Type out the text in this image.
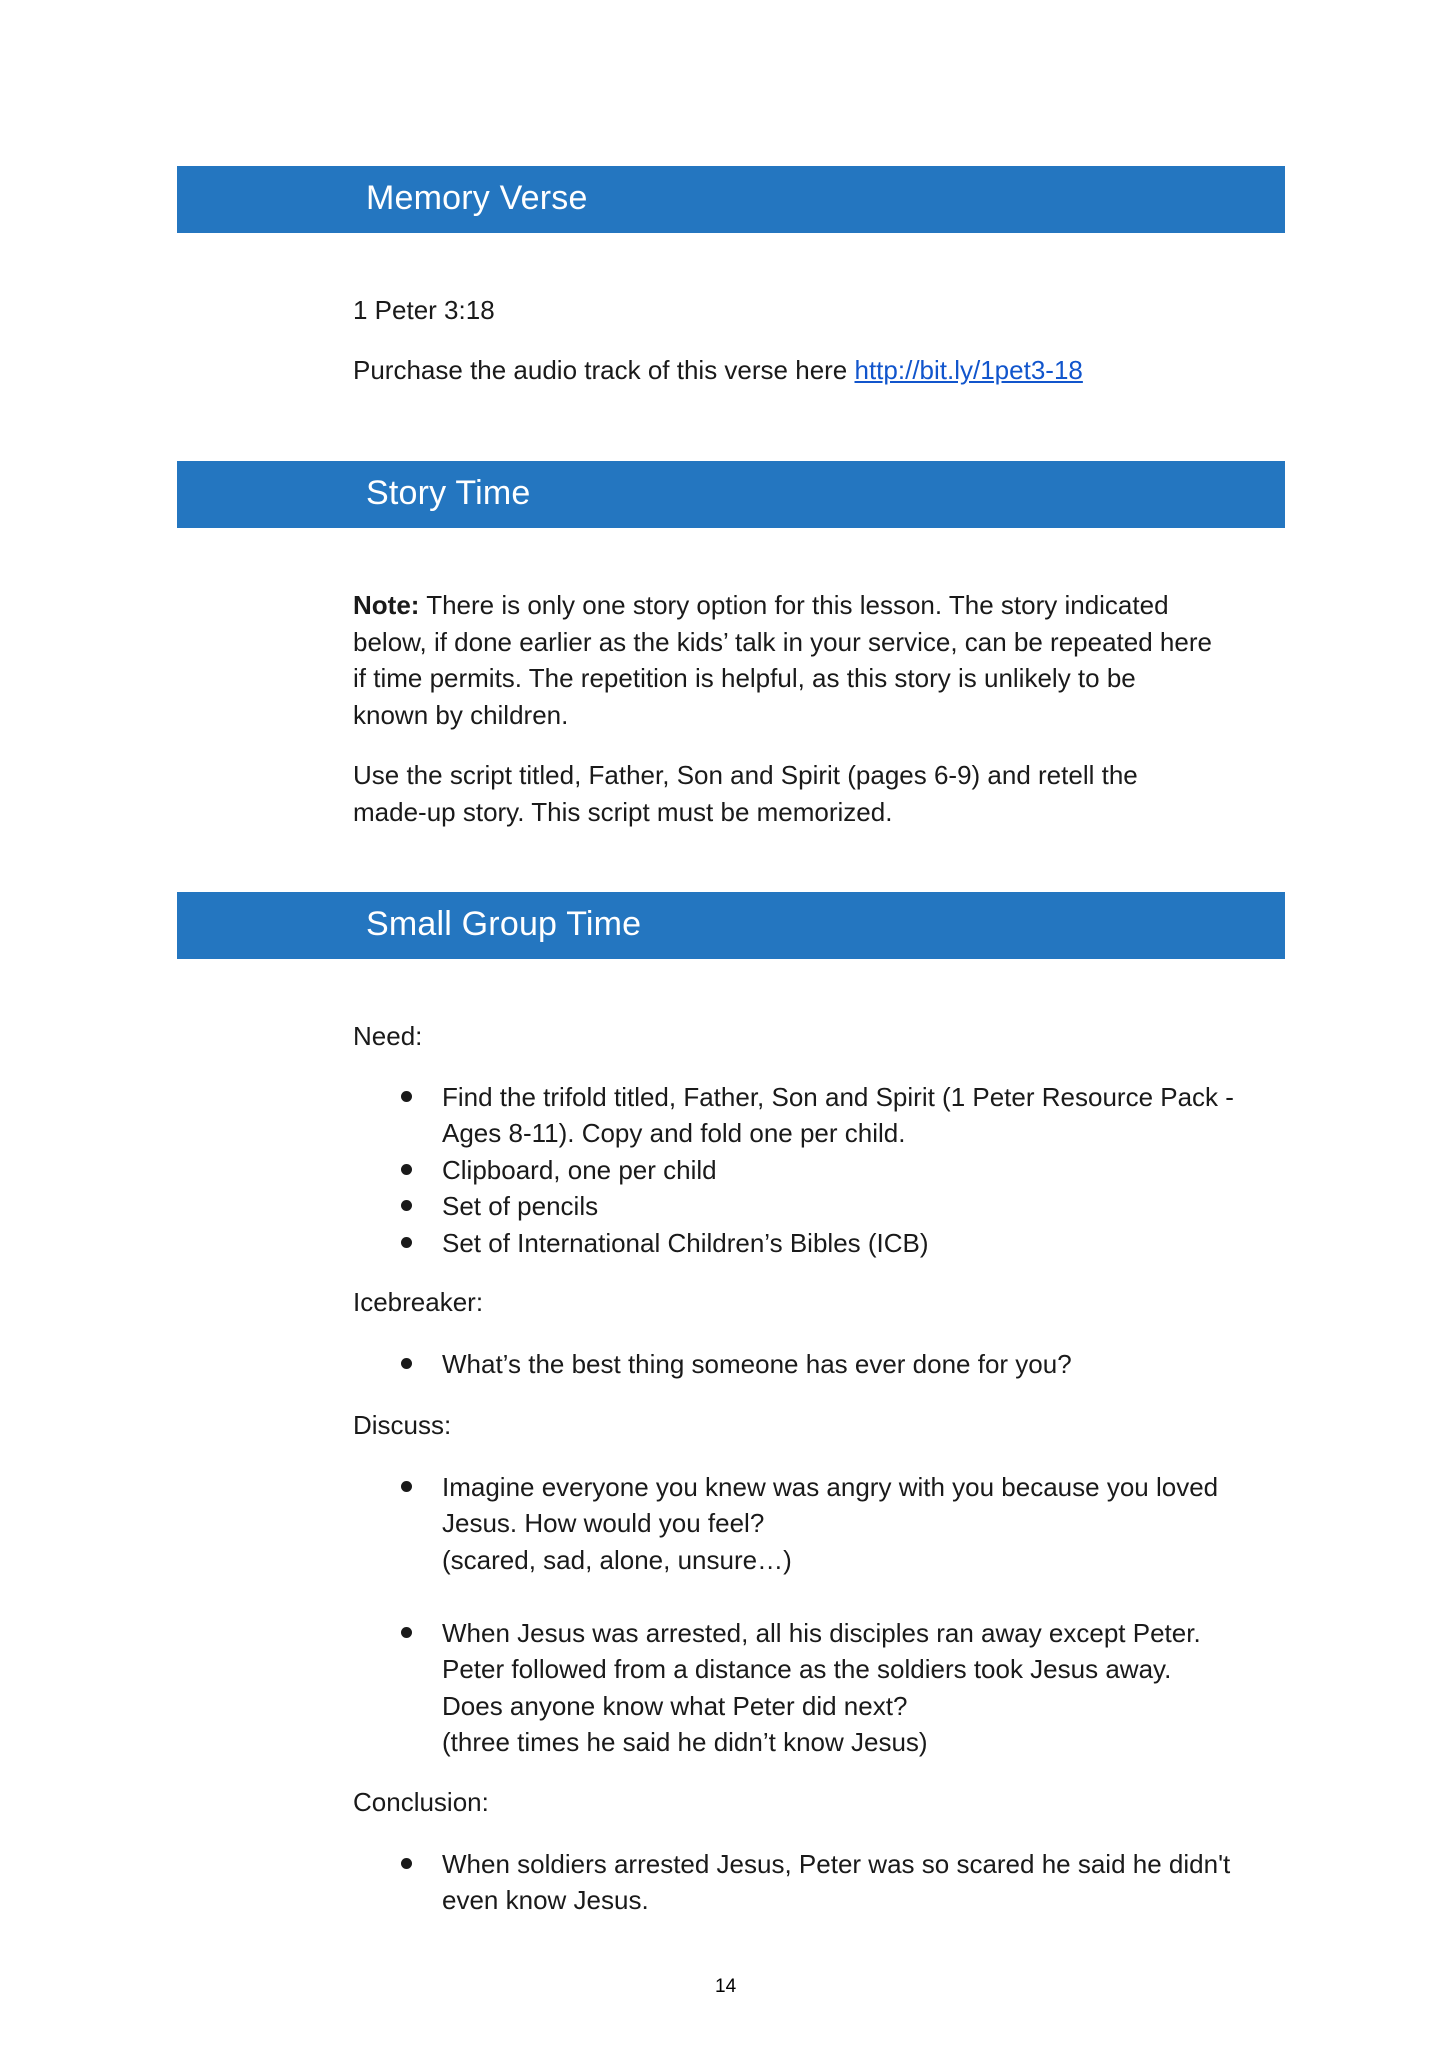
Memory Verse
1 Peter 3:18
Purchase the audio track of this verse here http://bit.ly/1pet3-18
Story Time
Note: There is only one story option for this lesson. The story indicated
below, if done earlier as the kids’ talk in your service, can be repeated here
if time permits. The repetition is helpful, as this story is unlikely to be
known by children.
Use the script titled, Father, Son and Spirit (pages 6-9) and retell the
made-up story. This script must be memorized.
Small Group Time
Need:
Find the trifold titled, Father, Son and Spirit (1 Peter Resource Pack -
Ages 8-11). Copy and fold one per child.
Clipboard, one per child
Set of pencils
Set of International Children’s Bibles (ICB)
Icebreaker:
What’s the best thing someone has ever done for you?
Discuss:
Imagine everyone you knew was angry with you because you loved
Jesus. How would you feel?
(scared, sad, alone, unsure…)
When Jesus was arrested, all his disciples ran away except Peter.
Peter followed from a distance as the soldiers took Jesus away.
Does anyone know what Peter did next?
(three times he said he didn’t know Jesus)
Conclusion:
When soldiers arrested Jesus, Peter was so scared he said he didn't
even know Jesus.
14
